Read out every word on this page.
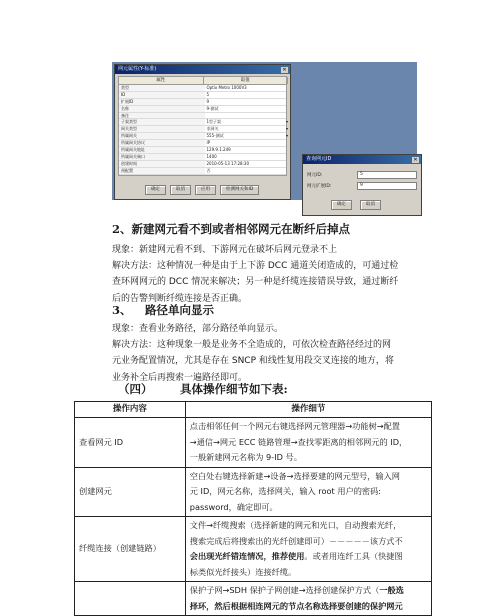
网元属性(Y-标准)	✕
属性	取值
类型	Optix Metro 1000V3
ID	5
扩展ID	9
名称	9-测试
备注
子架类型	1型子架 ▾
网关类型	非网关 ▾
所属网关	555-测试 ▾
所属网关协议	IP
所属网关地址	129.9.1.249
所属网关端口	1400
创建时间	2010-05-13 17:28:30
预配置	否
确定	取消	应用	检测网关和ID
查询网元ID	✕
网元ID:	5
网元扩展ID:	9
确定	取消
2、新建网元看不到或者相邻网元在断纤后掉点

现象：新建网元看不到、下游网元在破坏后网元登录不上

解决方法：这种情况一种是由于上下游 DCC 通道关闭造成的，可通过检

查环网网元的 DCC 情况来解决；另一种是纤缆连接错误导致，通过断纤

后的告警判断纤缆连接是否正确。

3、 路径单向显示

现象：查看业务路径，部分路径单向显示。

解决方法：这种现象一般是业务不全造成的，可依次检查路径经过的网

元业务配置情况，尤其是存在 SNCP 和线性复用段交叉连接的地方，将

业务补全后再搜索一遍路径即可。

（四） 具体操作细节如下表:
操作内容	操作细节
查看网元 ID	点击相邻任何一个网元右键选择网元管理器→功能树→配置
→通信→网元 ECC 链路管理→查找零距离的相邻网元的 ID，
一般新建网元名称为 9-ID 号。

创建网元	空白处右键选择新建→设备→选择要建的网元型号，输入网
元 ID，网元名称，选择网关，输入 root 用户的密码:
password，确定即可。

纤缆连接（创建链路）	文件→纤缆搜索（选择新建的网元和光口，自动搜索光纤，
搜索完成后将搜索出的光纤创建即可）－－－－－该方式不
会出现光纤错连情况，推荐使用。或者用连纤工具（快捷图
标类似光纤接头）连接纤缆。

	保护子网→SDH 保护子网创建→选择创建保护方式（一般选
择环，然后根据相连网元的节点名称选择要创建的保护网元
